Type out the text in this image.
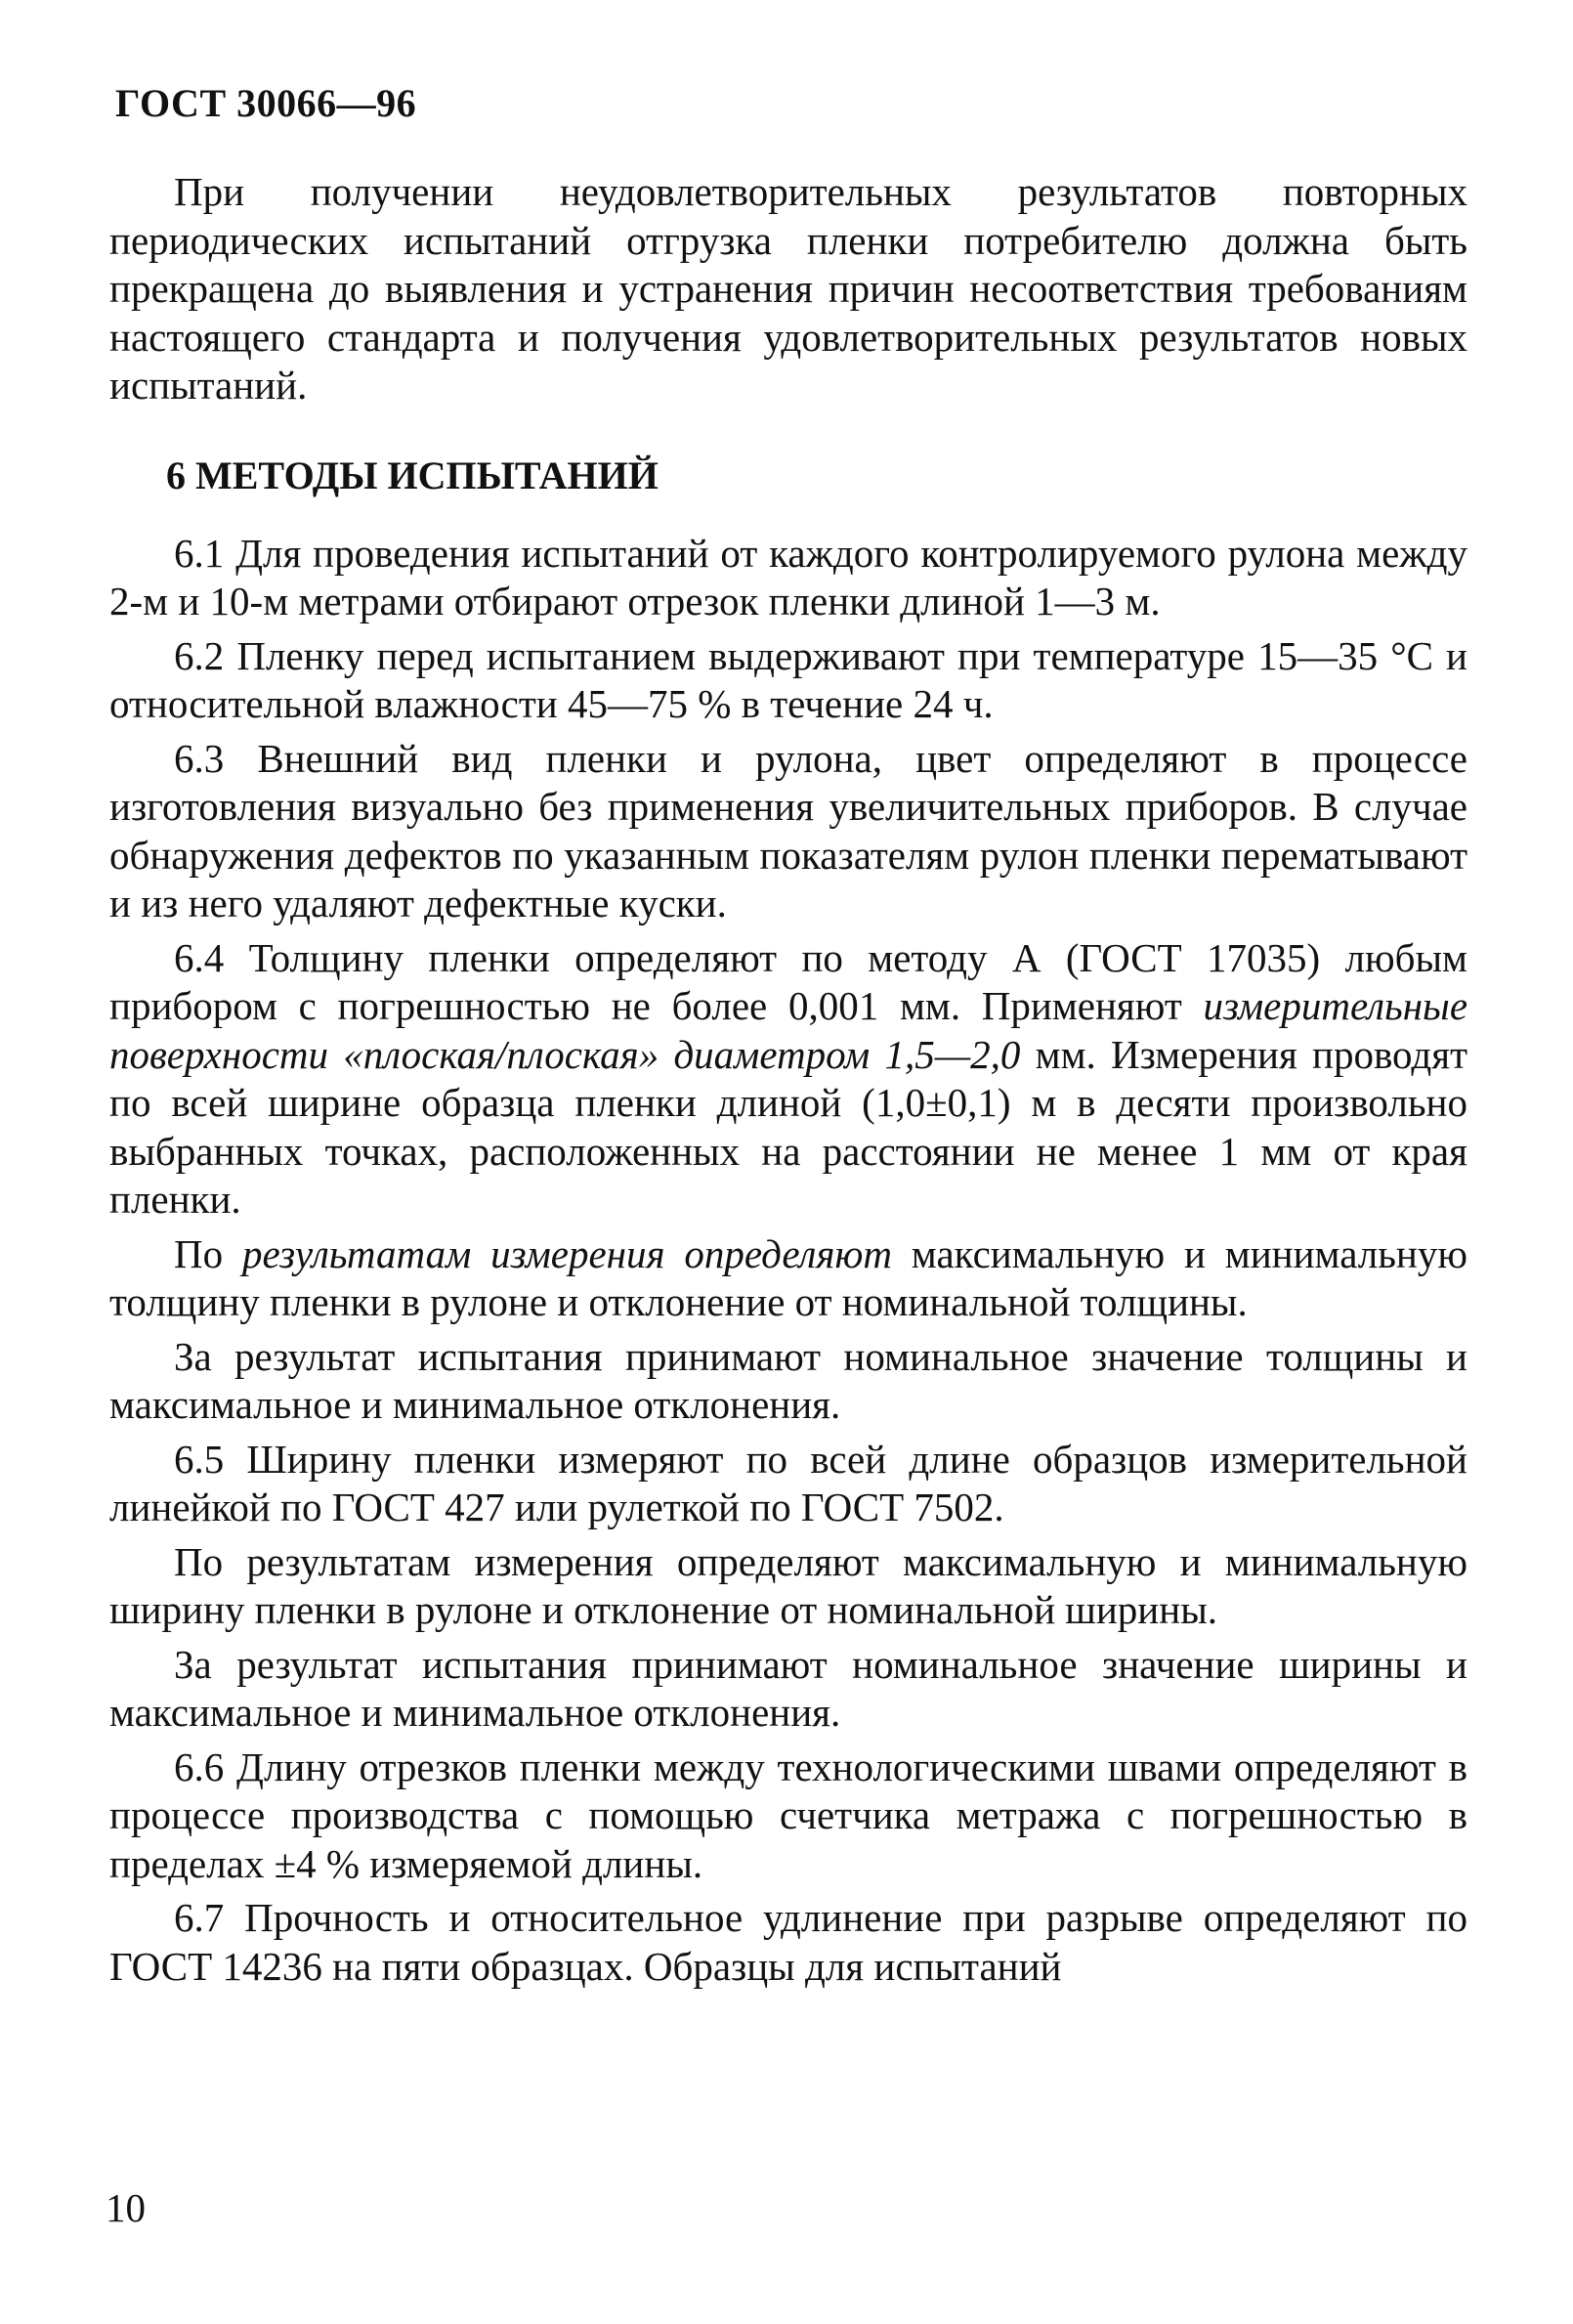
ГОСТ 30066—96

При получении неудовлетворительных результатов повторных периодических испытаний отгрузка пленки потребителю должна быть прекращена до выявления и устранения причин несоответствия требованиям настоящего стандарта и получения удовлетворительных результатов новых испытаний.

6 МЕТОДЫ ИСПЫТАНИЙ

6.1 Для проведения испытаний от каждого контролируемого рулона между 2-м и 10-м метрами отбирают отрезок пленки длиной 1—3 м.

6.2 Пленку перед испытанием выдерживают при температуре 15—35 °С и относительной влажности 45—75 % в течение 24 ч.

6.3 Внешний вид пленки и рулона, цвет определяют в процессе изготовления визуально без применения увеличительных приборов. В случае обнаружения дефектов по указанным показателям рулон пленки перематывают и из него удаляют дефектные куски.

6.4 Толщину пленки определяют по методу А (ГОСТ 17035) любым прибором с погрешностью не более 0,001 мм. Применяют измерительные поверхности «плоская/плоская» диаметром 1,5—2,0 мм. Измерения проводят по всей ширине образца пленки длиной (1,0±0,1) м в десяти произвольно выбранных точках, расположенных на расстоянии не менее 1 мм от края пленки.

По результатам измерения определяют максимальную и минимальную толщину пленки в рулоне и отклонение от номинальной толщины.

За результат испытания принимают номинальное значение толщины и максимальное и минимальное отклонения.

6.5 Ширину пленки измеряют по всей длине образцов измерительной линейкой по ГОСТ 427 или рулеткой по ГОСТ 7502.

По результатам измерения определяют максимальную и минимальную ширину пленки в рулоне и отклонение от номинальной ширины.

За результат испытания принимают номинальное значение ширины и максимальное и минимальное отклонения.

6.6 Длину отрезков пленки между технологическими швами определяют в процессе производства с помощью счетчика метража с погрешностью в пределах ±4 % измеряемой длины.

6.7 Прочность и относительное удлинение при разрыве определяют по ГОСТ 14236 на пяти образцах. Образцы для испытаний

10
